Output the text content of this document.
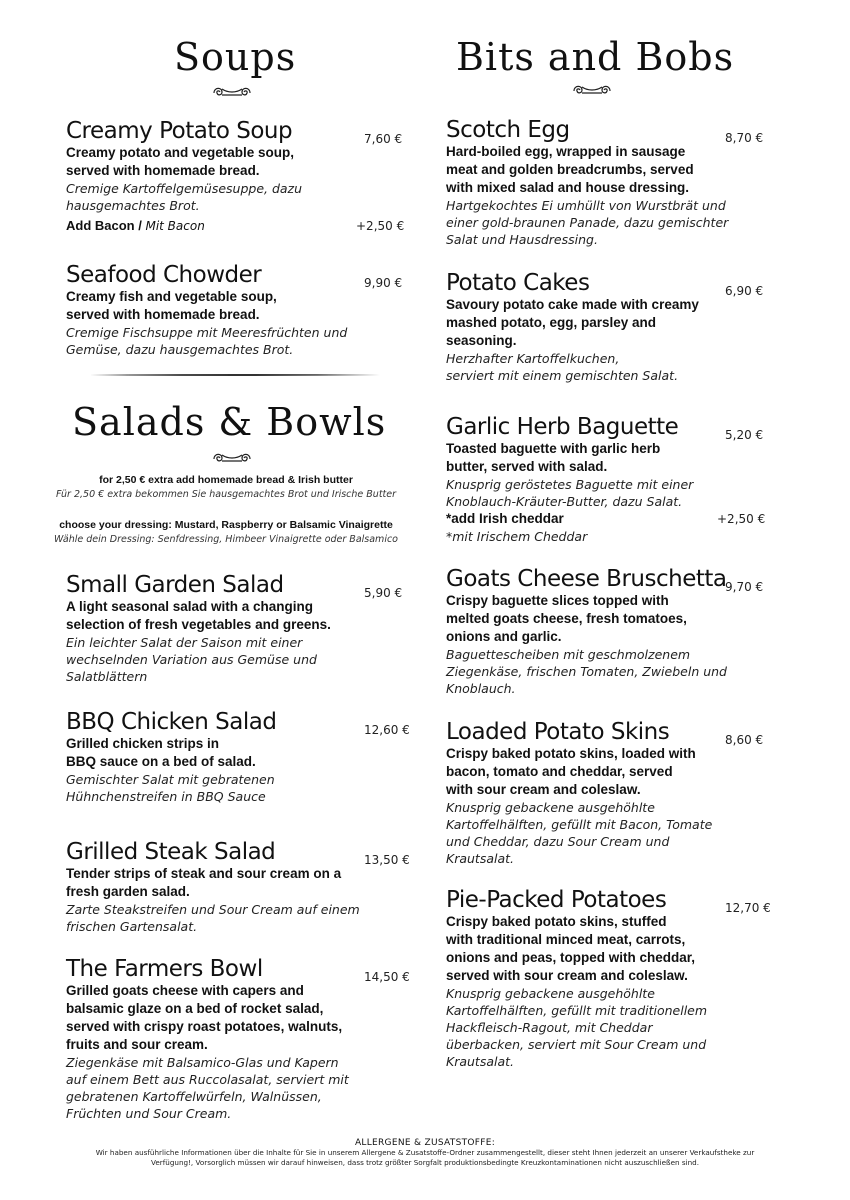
Soups	Bits and Bobs
Salads & Bowls
for 2,50 € extra add homemade bread & Irish butter
Für 2,50 € extra bekommen Sie hausgemachtes Brot und Irische Butter
choose your dressing: Mustard, Raspberry or Balsamic Vinaigrette
Wähle dein Dressing: Senfdressing, Himbeer Vinaigrette oder Balsamico
Creamy Potato Soup
Creamy potato and vegetable soup,
served with homemade bread.
Cremige Kartoffelgemüsesuppe, dazu
hausgemachtes Brot.
Add Bacon / Mit Bacon
7,60 €
+2,50 €
Seafood Chowder
Creamy fish and vegetable soup,
served with homemade bread.
Cremige Fischsuppe mit Meeresfrüchten und
Gemüse, dazu hausgemachtes Brot.
9,90 €
Small Garden Salad
A light seasonal salad with a changing
selection of fresh vegetables and greens.
Ein leichter Salat der Saison mit einer
wechselnden Variation aus Gemüse und
Salatblättern
5,90 €
BBQ Chicken Salad
Grilled chicken strips in
BBQ sauce on a bed of salad.
Gemischter Salat mit gebratenen
Hühnchenstreifen in BBQ Sauce
12,60 €
Grilled Steak Salad
Tender strips of steak and sour cream on a
fresh garden salad.
Zarte Steakstreifen und Sour Cream auf einem
frischen Gartensalat.
13,50 €
The Farmers Bowl
Grilled goats cheese with capers and
balsamic glaze on a bed of rocket salad,
served with crispy roast potatoes, walnuts,
fruits and sour cream.
Ziegenkäse mit Balsamico-Glas und Kapern
auf einem Bett aus Ruccolasalat, serviert mit
gebratenen Kartoffelwürfeln, Walnüssen,
Früchten und Sour Cream.
14,50 €
Scotch Egg
Hard-boiled egg, wrapped in sausage
meat and golden breadcrumbs, served
with mixed salad and house dressing.
Hartgekochtes Ei umhüllt von Wurstbrät und
einer gold-braunen Panade, dazu gemischter
Salat und Hausdressing.
8,70 €
Potato Cakes
Savoury potato cake made with creamy
mashed potato, egg, parsley and
seasoning.
Herzhafter Kartoffelkuchen,
serviert mit einem gemischten Salat.
6,90 €
Garlic Herb Baguette
Toasted baguette with garlic herb
butter, served with salad.
Knusprig geröstetes Baguette mit einer
Knoblauch-Kräuter-Butter, dazu Salat.
*add Irish cheddar
*mit Irischem Cheddar
5,20 €
+2,50 €
Goats Cheese Bruschetta
Crispy baguette slices topped with
melted goats cheese, fresh tomatoes,
onions and garlic.
Baguettescheiben mit geschmolzenem
Ziegenkäse, frischen Tomaten, Zwiebeln und
Knoblauch.
9,70 €
Loaded Potato Skins
Crispy baked potato skins, loaded with
bacon, tomato and cheddar, served
with sour cream and coleslaw.
Knusprig gebackene ausgehöhlte
Kartoffelhälften, gefüllt mit Bacon, Tomate
und Cheddar, dazu Sour Cream und
Krautsalat.
8,60 €
Pie-Packed Potatoes
Crispy baked potato skins, stuffed
with traditional minced meat, carrots,
onions and peas, topped with cheddar,
served with sour cream and coleslaw.
Knusprig gebackene ausgehöhlte
Kartoffelhälften, gefüllt mit traditionellem
Hackfleisch-Ragout, mit Cheddar
überbacken, serviert mit Sour Cream und
Krautsalat.
12,70 €
ALLERGENE & ZUSATSTOFFE:
Wir haben ausführliche Informationen über die Inhalte für Sie in unserem Allergene & Zusatstoffe-Ordner zusammengestellt, dieser steht Ihnen jederzeit an unserer Verkaufstheke zur
Verfügung!, Vorsorglich müssen wir darauf hinweisen, dass trotz größter Sorgfalt produktionsbedingte Kreuzkontaminationen nicht auszuschließen sind.
